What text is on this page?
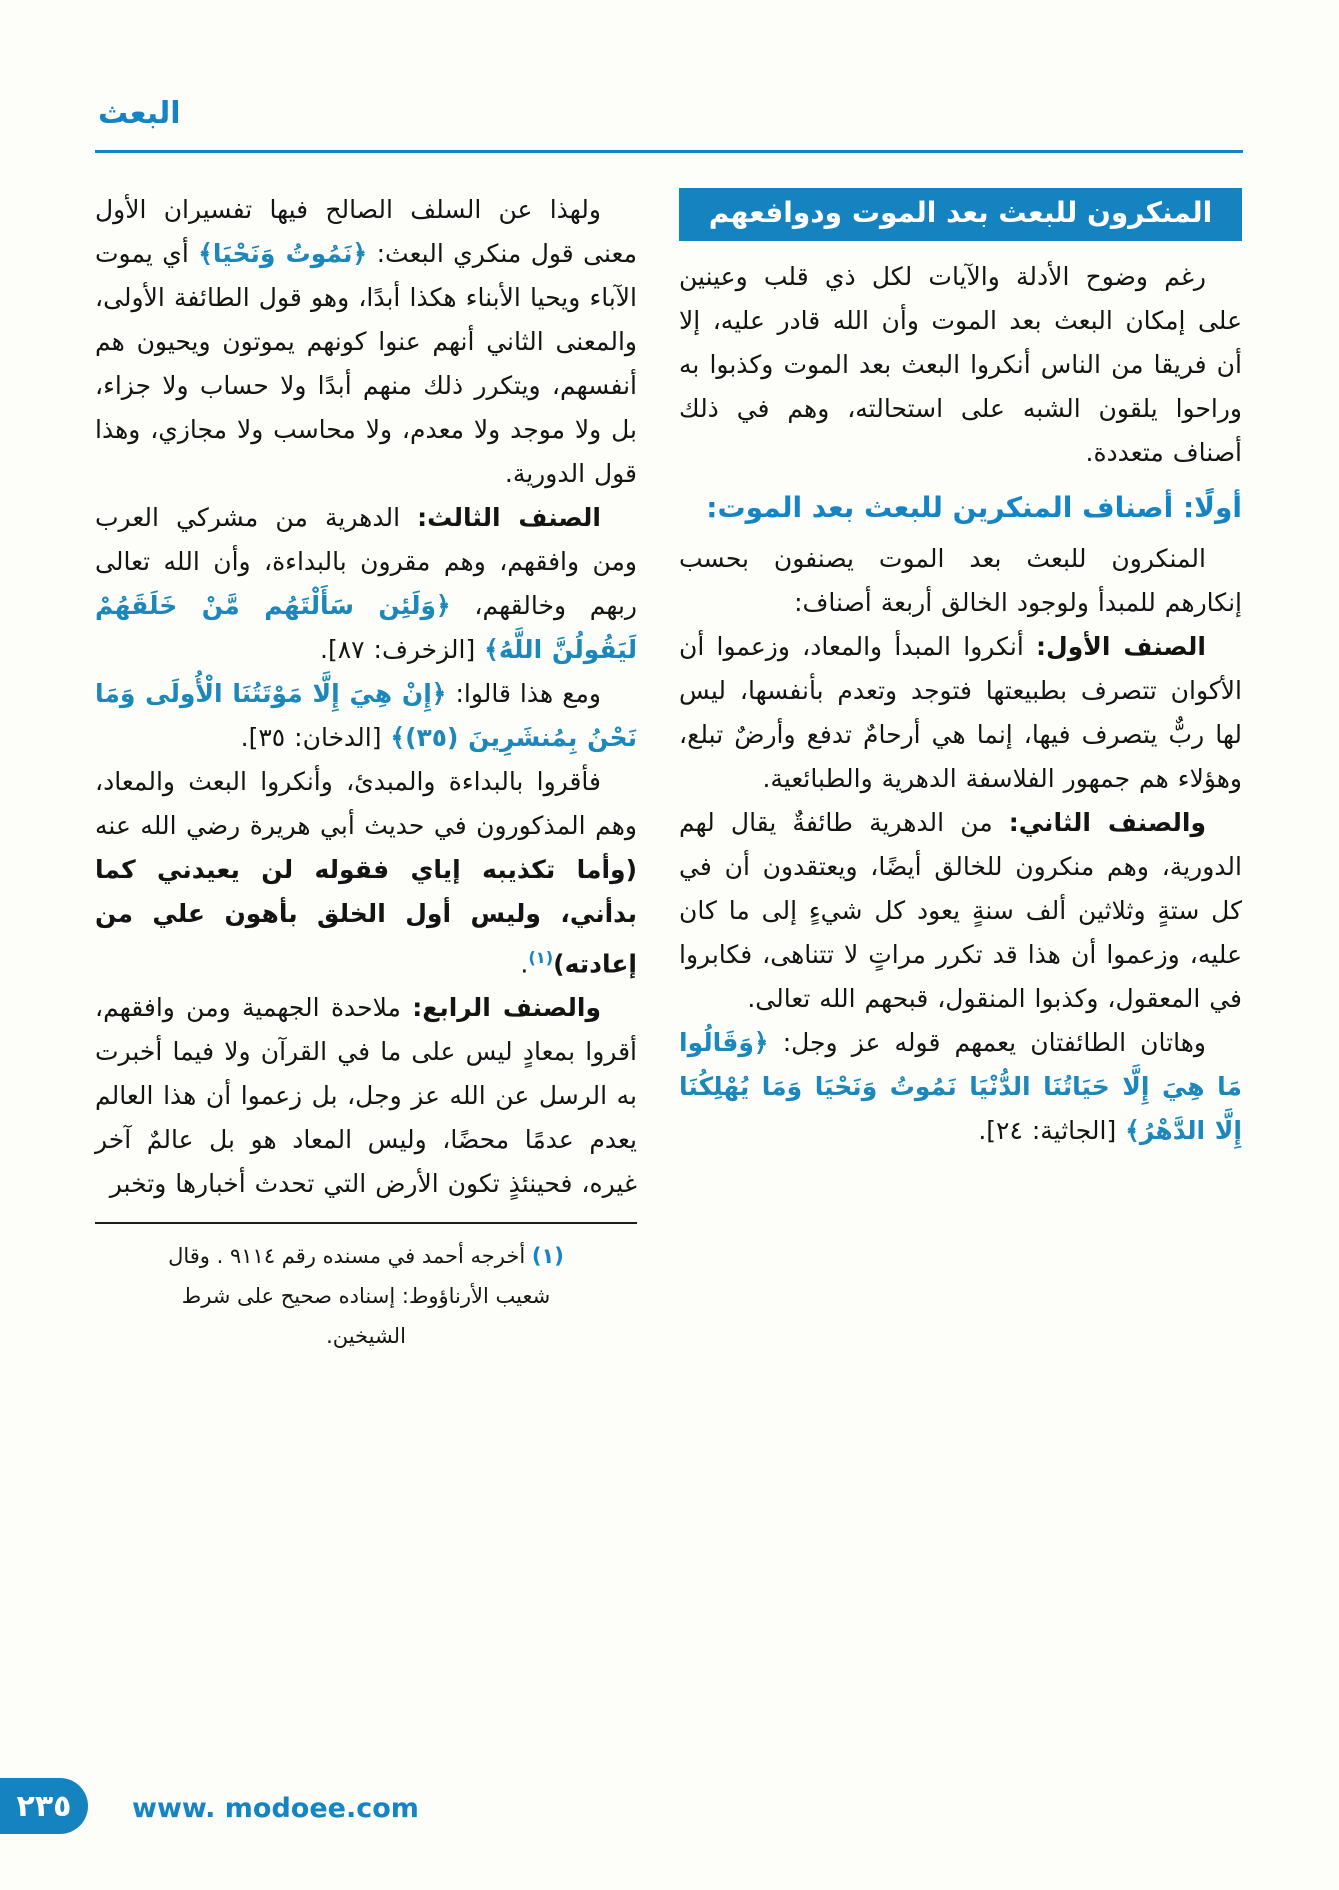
البعث
المنكرون للبعث بعد الموت ودوافعهم

رغم وضوح الأدلة والآيات لكل ذي قلب وعينين على إمكان البعث بعد الموت وأن الله قادر عليه، إلا أن فريقا من الناس أنكروا البعث بعد الموت وكذبوا به وراحوا يلقون الشبه على استحالته، وهم في ذلك أصناف متعددة.

أولًا: أصناف المنكرين للبعث بعد الموت:

المنكرون للبعث بعد الموت يصنفون بحسب إنكارهم للمبدأ ولوجود الخالق أربعة أصناف:

الصنف الأول: أنكروا المبدأ والمعاد، وزعموا أن الأكوان تتصرف بطبيعتها فتوجد وتعدم بأنفسها، ليس لها ربٌّ يتصرف فيها، إنما هي أرحامٌ تدفع وأرضٌ تبلع، وهؤلاء هم جمهور الفلاسفة الدهرية والطبائعية.

والصنف الثاني: من الدهرية طائفةٌ يقال لهم الدورية، وهم منكرون للخالق أيضًا، ويعتقدون أن في كل ستةٍ وثلاثين ألف سنةٍ يعود كل شيءٍ إلى ما كان عليه، وزعموا أن هذا قد تكرر مراتٍ لا تتناهى، فكابروا في المعقول، وكذبوا المنقول، قبحهم الله تعالى.

وهاتان الطائفتان يعمهم قوله عز وجل: ﴿وَقَالُوا مَا هِيَ إِلَّا حَيَاتُنَا الدُّنْيَا نَمُوتُ وَنَحْيَا وَمَا يُهْلِكُنَا إِلَّا الدَّهْرُ﴾ [الجاثية: ٢٤].

ولهذا عن السلف الصالح فيها تفسيران الأول معنى قول منكري البعث: ﴿نَمُوتُ وَنَحْيَا﴾ أي يموت الآباء ويحيا الأبناء هكذا أبدًا، وهو قول الطائفة الأولى، والمعنى الثاني أنهم عنوا كونهم يموتون ويحيون هم أنفسهم، ويتكرر ذلك منهم أبدًا ولا حساب ولا جزاء، بل ولا موجد ولا معدم، ولا محاسب ولا مجازي، وهذا قول الدورية.

الصنف الثالث: الدهرية من مشركي العرب ومن وافقهم، وهم مقرون بالبداءة، وأن الله تعالى ربهم وخالقهم، ﴿وَلَئِن سَأَلْتَهُم مَّنْ خَلَقَهُمْ لَيَقُولُنَّ اللَّهُ﴾ [الزخرف: ٨٧].

ومع هذا قالوا: ﴿إِنْ هِيَ إِلَّا مَوْتَتُنَا الْأُولَى وَمَا نَحْنُ بِمُنشَرِينَ (٣٥)﴾ [الدخان: ٣٥].

فأقروا بالبداءة والمبدئ، وأنكروا البعث والمعاد، وهم المذكورون في حديث أبي هريرة رضي الله عنه (وأما تكذيبه إياي فقوله لن يعيدني كما بدأني، وليس أول الخلق بأهون علي من إعادته)$^{(١)}$.

والصنف الرابع: ملاحدة الجهمية ومن وافقهم، أقروا بمعادٍ ليس على ما في القرآن ولا فيما أخبرت به الرسل عن الله عز وجل، بل زعموا أن هذا العالم يعدم عدمًا محضًا، وليس المعاد هو بل عالمٌ آخر غيره، فحينئذٍ تكون الأرض التي تحدث أخبارها وتخبر

(١) أخرجه أحمد في مسنده رقم ٩١١٤ . وقال شعيب الأرناؤوط: إسناده صحيح على شرط الشيخين.
٢٣٥ www. modoee.com
